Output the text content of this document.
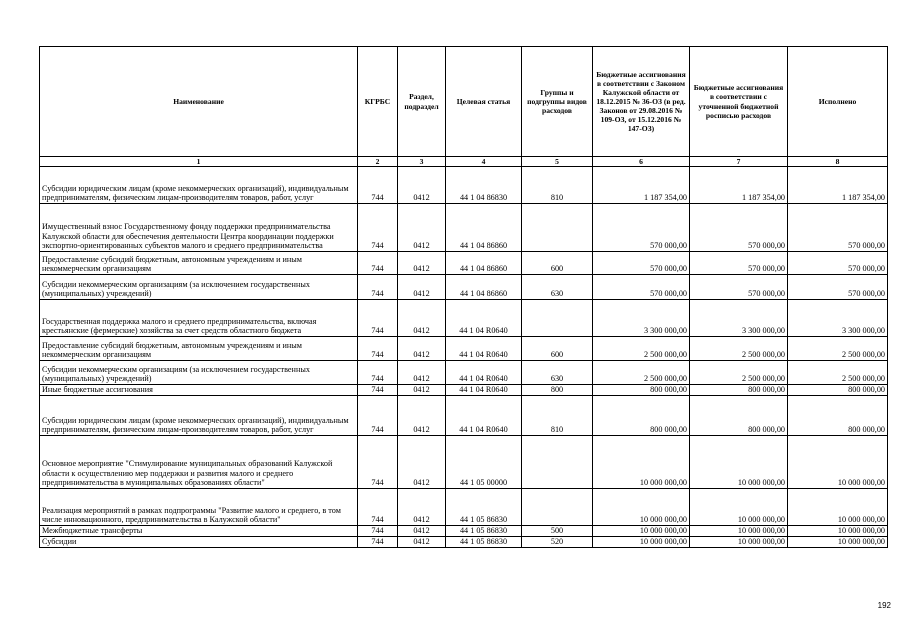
Наименование	КГРБС	Раздел, подраздел	Целевая статья	Группы и подгруппы видов расходов	Бюджетные ассигнования в соответствии с Законом Калужской области от 18.12.2015 № 36-ОЗ (в ред. Законов от 29.08.2016 № 109-ОЗ, от 15.12.2016 № 147-ОЗ)	Бюджетные ассигнования в соответствии с уточненной бюджетной росписью расходов	Исполнено
1	2	3	4	5	6	7	8
Субсидии юридическим лицам (кроме некоммерческих организаций), индивидуальным предпринимателям, физическим лицам-производителям товаров, работ, услуг	744	0412	44 1 04 86830	810	1 187 354,00	1 187 354,00	1 187 354,00
Имущественный взнос Государственному фонду поддержки предпринимательства Калужской области для обеспечения деятельности Центра координации поддержки экспортно-ориентированных субъектов малого и среднего предпринимательства	744	0412	44 1 04 86860		570 000,00	570 000,00	570 000,00
Предоставление субсидий бюджетным, автономным учреждениям и иным некоммерческим организациям	744	0412	44 1 04 86860	600	570 000,00	570 000,00	570 000,00
Субсидии некоммерческим организациям (за исключением государственных (муниципальных) учреждений)	744	0412	44 1 04 86860	630	570 000,00	570 000,00	570 000,00
Государственная поддержка малого и среднего предпринимательства, включая крестьянские (фермерские) хозяйства за счет средств областного бюджета	744	0412	44 1 04 R0640		3 300 000,00	3 300 000,00	3 300 000,00
Предоставление субсидий бюджетным, автономным учреждениям и иным некоммерческим организациям	744	0412	44 1 04 R0640	600	2 500 000,00	2 500 000,00	2 500 000,00
Субсидии некоммерческим организациям (за исключением государственных (муниципальных) учреждений)	744	0412	44 1 04 R0640	630	2 500 000,00	2 500 000,00	2 500 000,00
Иные бюджетные ассигнования	744	0412	44 1 04 R0640	800	800 000,00	800 000,00	800 000,00
Субсидии юридическим лицам (кроме некоммерческих организаций), индивидуальным предпринимателям, физическим лицам-производителям товаров, работ, услуг	744	0412	44 1 04 R0640	810	800 000,00	800 000,00	800 000,00
Основное мероприятие "Стимулирование муниципальных образований Калужской области к осуществлению мер поддержки и развития малого и среднего предпринимательства в муниципальных образованиях области"	744	0412	44 1 05 00000		10 000 000,00	10 000 000,00	10 000 000,00
Реализация мероприятий в рамках подпрограммы "Развитие малого и среднего, в том числе инновационного, предпринимательства в Калужской области"	744	0412	44 1 05 86830		10 000 000,00	10 000 000,00	10 000 000,00
Межбюджетные трансферты	744	0412	44 1 05 86830	500	10 000 000,00	10 000 000,00	10 000 000,00
Субсидии	744	0412	44 1 05 86830	520	10 000 000,00	10 000 000,00	10 000 000,00
192
